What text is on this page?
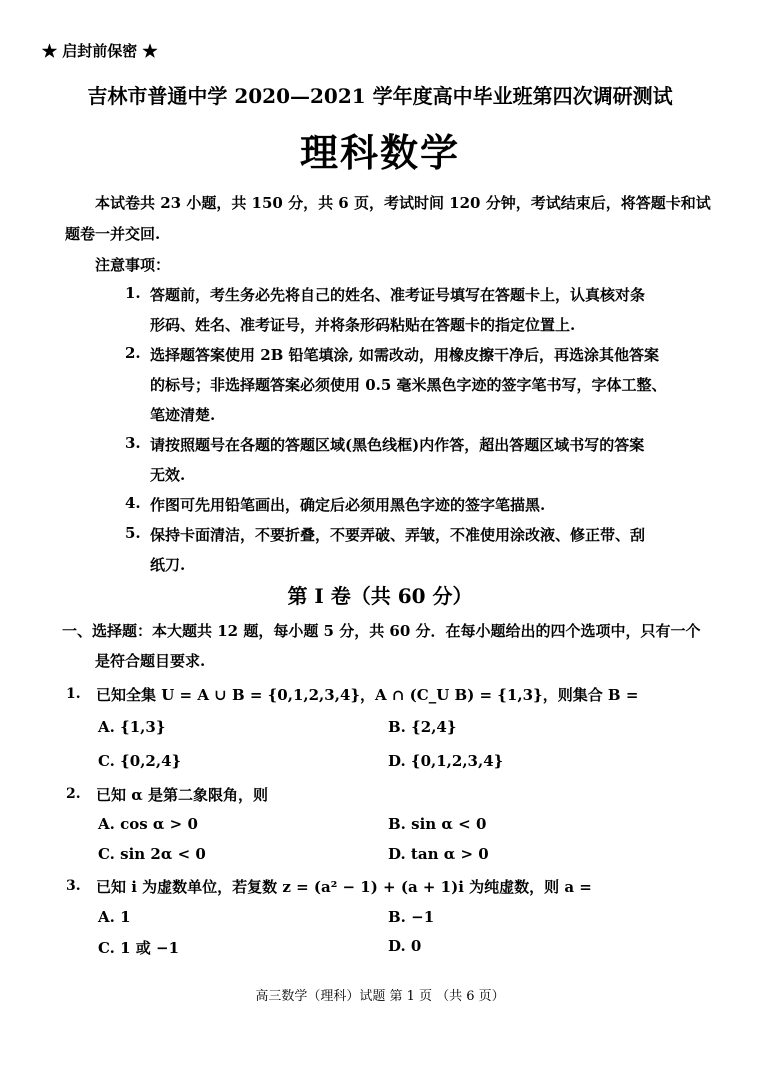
★ 启封前保密 ★
吉林市普通中学 2020—2021 学年度高中毕业班第四次调研测试
理科数学
本试卷共 23 小题，共 150 分，共 6 页，考试时间 120 分钟，考试结束后，将答题卡和试
题卷一并交回.
注意事项：
1. 答题前，考生务必先将自己的姓名、准考证号填写在答题卡上，认真核对条
形码、姓名、准考证号，并将条形码粘贴在答题卡的指定位置上.
2. 选择题答案使用 2B 铅笔填涂, 如需改动，用橡皮擦干净后，再选涂其他答案
的标号；非选择题答案必须使用 0.5 毫米黑色字迹的签字笔书写，字体工整、
笔迹清楚.
3. 请按照题号在各题的答题区域(黑色线框)内作答，超出答题区域书写的答案
无效.
4. 作图可先用铅笔画出，确定后必须用黑色字迹的签字笔描黑.
5. 保持卡面清洁，不要折叠，不要弄破、弄皱，不准使用涂改液、修正带、刮
纸刀.
第 I 卷（共 60 分）
一、选择题：本大题共 12 题，每小题 5 分，共 60 分．在每小题给出的四个选项中，只有一个
是符合题目要求.
1. 已知全集 U = A ∪ B = {0,1,2,3,4}，A ∩ (C_U B) = {1,3}，则集合 B =
A. {1,3}	B. {2,4}
C. {0,2,4}	D. {0,1,2,3,4}
2. 已知 α 是第二象限角，则
A. cos α > 0	B. sin α < 0
C. sin 2α < 0	D. tan α > 0
3. 已知 i 为虚数单位，若复数 z = (a² − 1) + (a + 1)i 为纯虚数，则 a =
A. 1	B. −1
C. 1 或 −1	D. 0
高三数学（理科）试题 第 1 页 （共 6 页）
